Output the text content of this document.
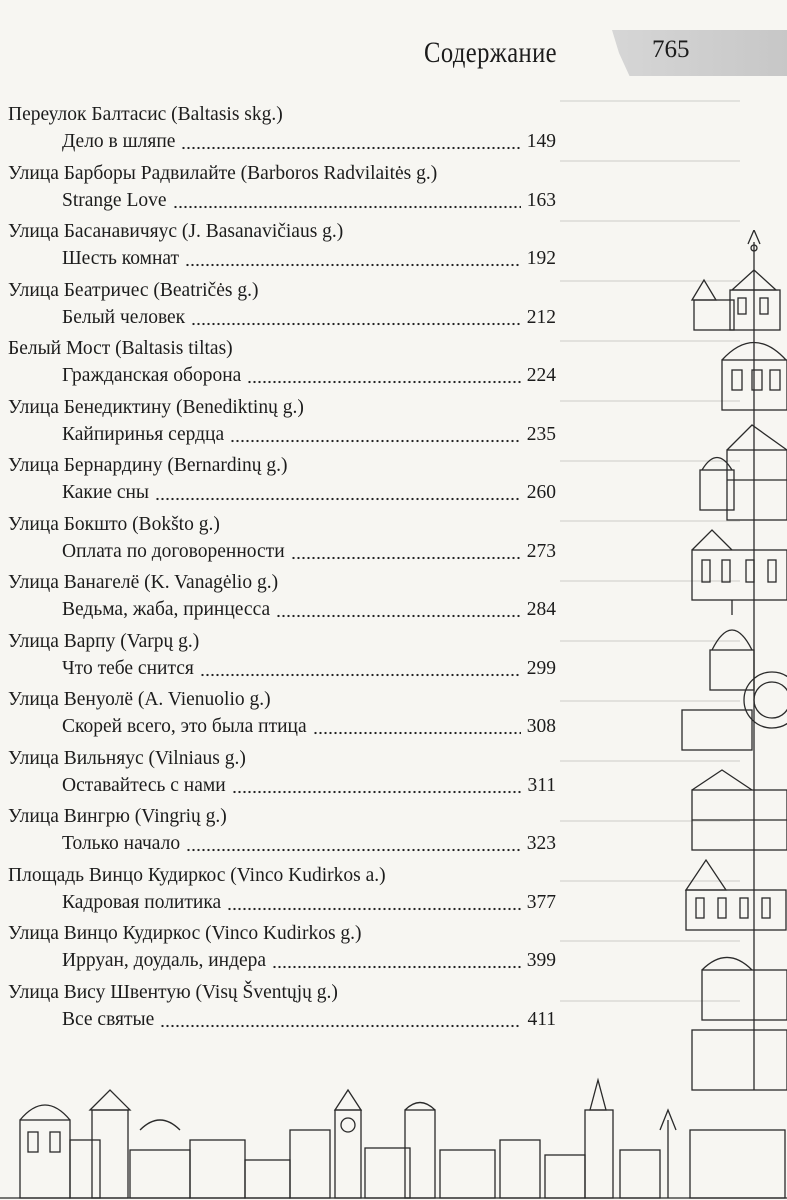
Содержание	765
Переулок Балтасис (Baltasis skg.)
Дело в шляпе	149
Улица Барборы Радвилайте (Barboros Radvilaitės g.)
Strange Love	163
Улица Басанавичяус (J. Basanavičiaus g.)
Шесть комнат	192
Улица Беатричес (Beatričės g.)
Белый человек	212
Белый Мост (Baltasis tiltas)
Гражданская оборона	224
Улица Бенедиктину (Benediktinų g.)
Кайпиринья сердца	235
Улица Бернардину (Bernardinų g.)
Какие сны	260
Улица Бокшто (Bokšto g.)
Оплата по договоренности	273
Улица Ванагелё (K. Vanagėlio g.)
Ведьма, жаба, принцесса	284
Улица Варпу (Varpų g.)
Что тебе снится	299
Улица Венуолё (A. Vienuolio g.)
Скорей всего, это была птица	308
Улица Вильняус (Vilniaus g.)
Оставайтесь с нами	311
Улица Вингрю (Vingrių g.)
Только начало	323
Площадь Винцо Кудиркос (Vinco Kudirkos a.)
Кадровая политика	377
Улица Винцо Кудиркос (Vinco Kudirkos g.)
Ирруан, доудаль, индера	399
Улица Вису Швентую (Visų Šventųjų g.)
Все святые	411
